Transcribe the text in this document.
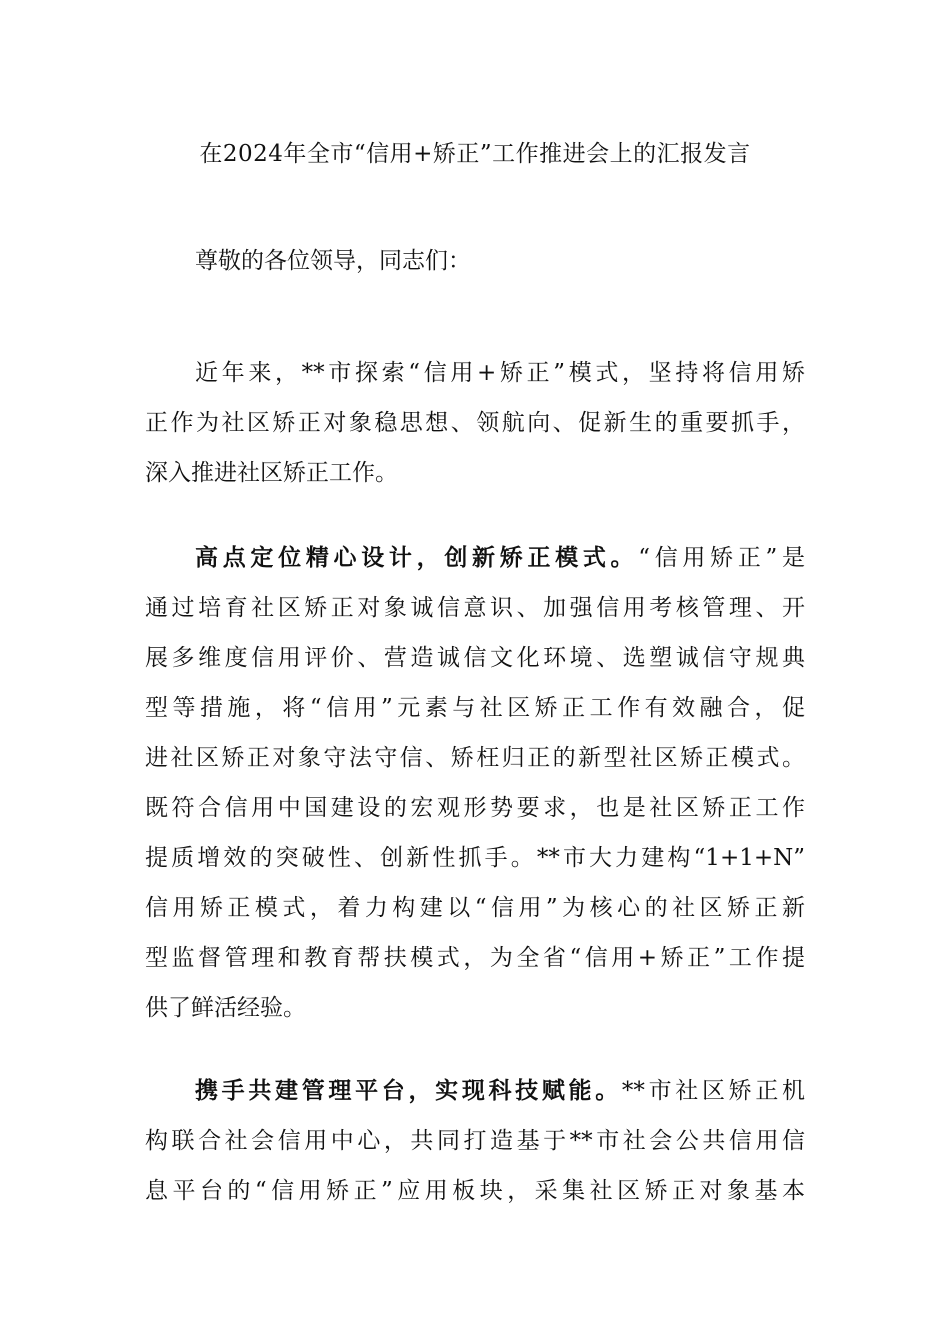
在2024年全市“信用+矫正”工作推进会上的汇报发言
尊敬的各位领导，同志们：
近年来，**市探索“信用+矫正”模式，坚持将信用矫
正作为社区矫正对象稳思想、领航向、促新生的重要抓手，
深入推进社区矫正工作。
高点定位精心设计，创新矫正模式。“信用矫正”是
通过培育社区矫正对象诚信意识、加强信用考核管理、开
展多维度信用评价、营造诚信文化环境、选塑诚信守规典
型等措施，将“信用”元素与社区矫正工作有效融合，促
进社区矫正对象守法守信、矫枉归正的新型社区矫正模式。
既符合信用中国建设的宏观形势要求，也是社区矫正工作
提质增效的突破性、创新性抓手。**市大力建构“1+1+N”
信用矫正模式，着力构建以“信用”为核心的社区矫正新
型监督管理和教育帮扶模式，为全省“信用+矫正”工作提
供了鲜活经验。
携手共建管理平台，实现科技赋能。**市社区矫正机
构联合社会信用中心，共同打造基于**市社会公共信用信
息平台的“信用矫正”应用板块，采集社区矫正对象基本
